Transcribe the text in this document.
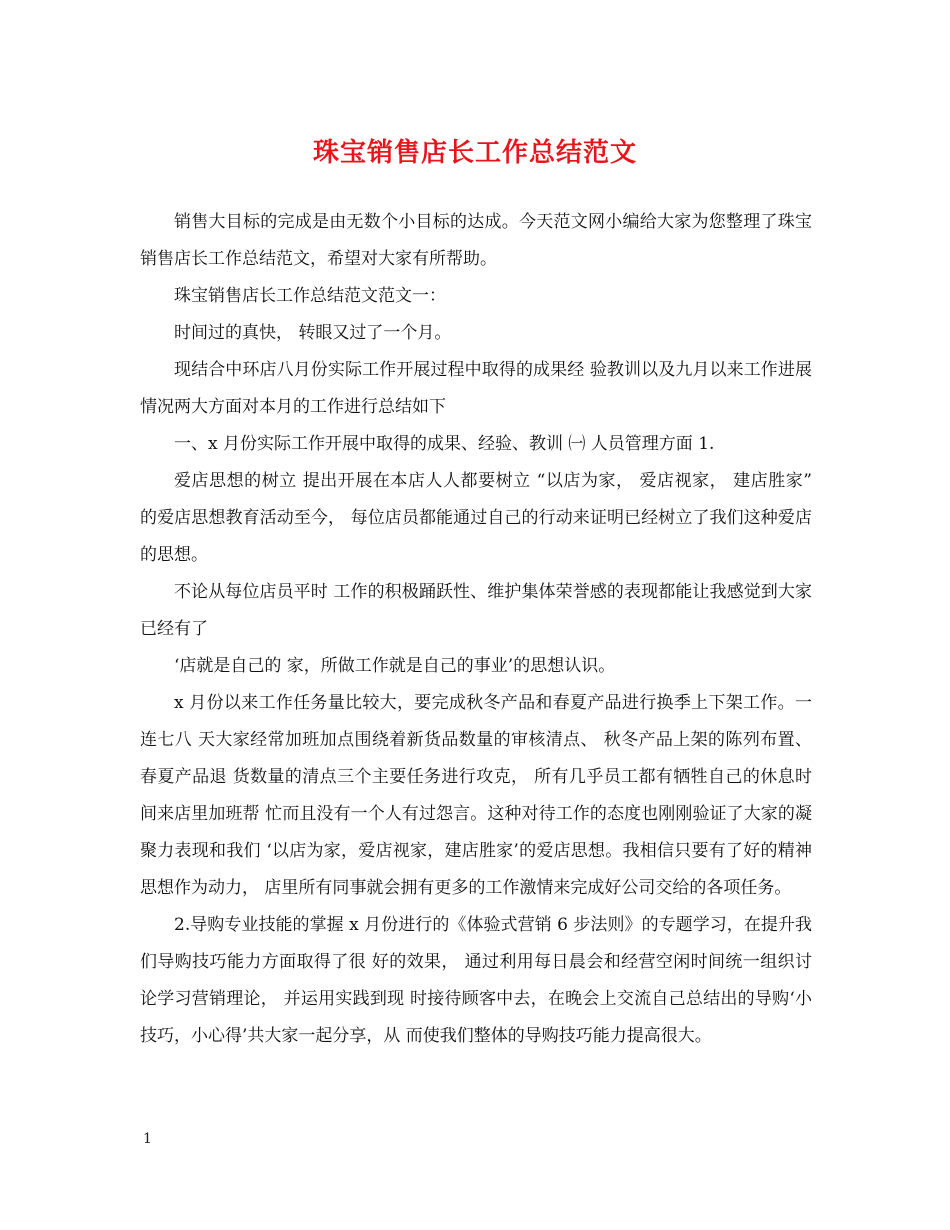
珠宝销售店长工作总结范文

销售大目标的完成是由无数个小目标的达成。今天范文网小编给大家为您整理了珠宝销售店长工作总结范文，希望对大家有所帮助。

珠宝销售店长工作总结范文范文一：

时间过的真快， 转眼又过了一个月。

现结合中环店八月份实际工作开展过程中取得的成果经 验教训以及九月以来工作进展情况两大方面对本月的工作进行总结如下

一、x 月份实际工作开展中取得的成果、经验、教训 ㈠ 人员管理方面 1.

爱店思想的树立 提出开展在本店人人都要树立 “以店为家， 爱店视家， 建店胜家” 的爱店思想教育活动至今， 每位店员都能通过自己的行动来证明已经树立了我们这种爱店的思想。

不论从每位店员平时 工作的积极踊跃性、维护集体荣誉感的表现都能让我感觉到大家已经有了

‘店就是自己的 家，所做工作就是自己的事业’的思想认识。

x 月份以来工作任务量比较大，要完成秋冬产品和春夏产品进行换季上下架工作。一连七八 天大家经常加班加点围绕着新货品数量的审核清点、 秋冬产品上架的陈列布置、 春夏产品退 货数量的清点三个主要任务进行攻克， 所有几乎员工都有牺牲自己的休息时间来店里加班帮 忙而且没有一个人有过怨言。这种对待工作的态度也刚刚验证了大家的凝聚力表现和我们 ‘以店为家，爱店视家，建店胜家’的爱店思想。我相信只要有了好的精神思想作为动力， 店里所有同事就会拥有更多的工作激情来完成好公司交给的各项任务。

2.导购专业技能的掌握 x 月份进行的《体验式营销 6 步法则》的专题学习，在提升我们导购技巧能力方面取得了很 好的效果， 通过利用每日晨会和经营空闲时间统一组织讨论学习营销理论， 并运用实践到现 时接待顾客中去，在晚会上交流自己总结出的导购‘小技巧，小心得’共大家一起分享，从 而使我们整体的导购技巧能力提高很大。

1
